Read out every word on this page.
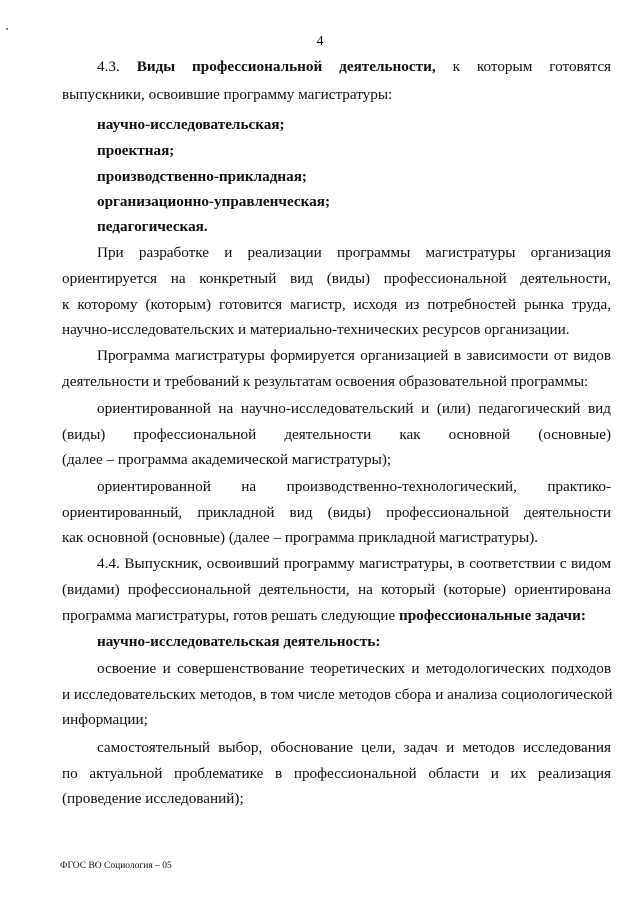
4
4.3. Виды профессиональной деятельности, к которым готовятся
выпускники, освоившие программу магистратуры:
научно-исследовательская;
проектная;
производственно-прикладная;
организационно-управленческая;
педагогическая.
При разработке и реализации программы магистратуры организация
ориентируется на конкретный вид (виды) профессиональной деятельности,
к которому (которым) готовится магистр, исходя из потребностей рынка труда,
научно-исследовательских и материально-технических ресурсов организации.
Программа магистратуры формируется организацией в зависимости от видов
деятельности и требований к результатам освоения образовательной программы:
ориентированной на научно-исследовательский и (или) педагогический вид
(виды) профессиональной деятельности как основной (основные)
(далее – программа академической магистратуры);
ориентированной на производственно-технологический, практико-
ориентированный, прикладной вид (виды) профессиональной деятельности
как основной (основные) (далее – программа прикладной магистратуры).
4.4. Выпускник, освоивший программу магистратуры, в соответствии с видом
(видами) профессиональной деятельности, на который (которые) ориентирована
программа магистратуры, готов решать следующие профессиональные задачи:
научно-исследовательская деятельность:
освоение и совершенствование теоретических и методологических подходов
и исследовательских методов, в том числе методов сбора и анализа социологической
информации;
самостоятельный выбор, обоснование цели, задач и методов исследования
по актуальной проблематике в профессиональной области и их реализация
(проведение исследований);
ФГОС ВО Социология – 05
